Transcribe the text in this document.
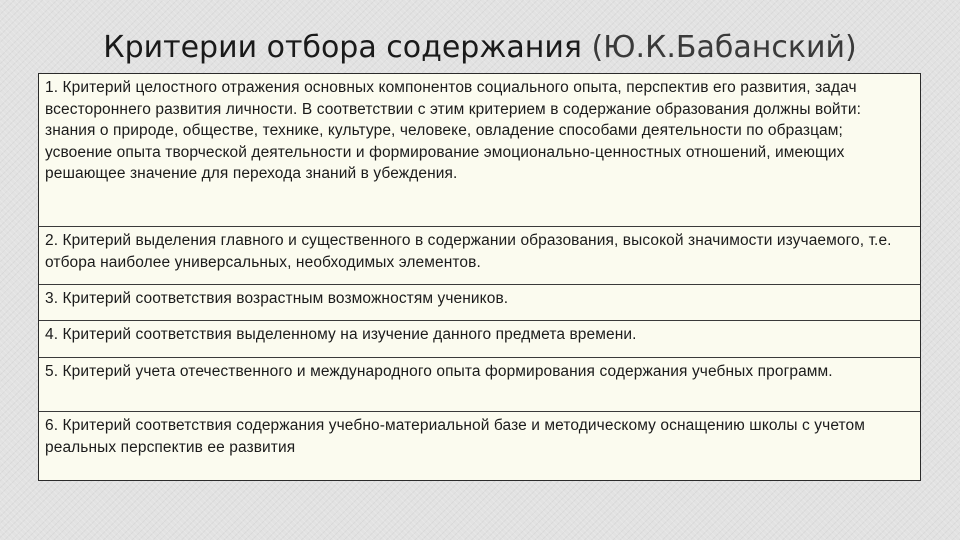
Критерии отбора содержания (Ю.К.Бабанский)
1. Критерий целостного отражения основных компонентов социального опыта, перспектив его развития, задач всестороннего развития личности. В соответствии с этим критерием в содержание образования должны войти: знания о природе, обществе, технике, культуре, человеке, овладение способами деятельности по образцам; усвоение опыта творческой деятельности и формирование эмоционально-ценностных отношений, имеющих решающее значение для перехода знаний в убеждения.
2. Критерий выделения главного и существенного в содержании образования, высокой значимости изучаемого, т.е. отбора наиболее универсальных, необходимых элементов.
3. Критерий соответствия возрастным возможностям учеников.
4. Критерий соответствия выделенному на изучение данного предмета времени.
5. Критерий учета отечественного и международного опыта формирования содержания учебных программ.
6. Критерий соответствия содержания учебно-материальной базе и методическому оснащению школы с учетом реальных перспектив ее развития
